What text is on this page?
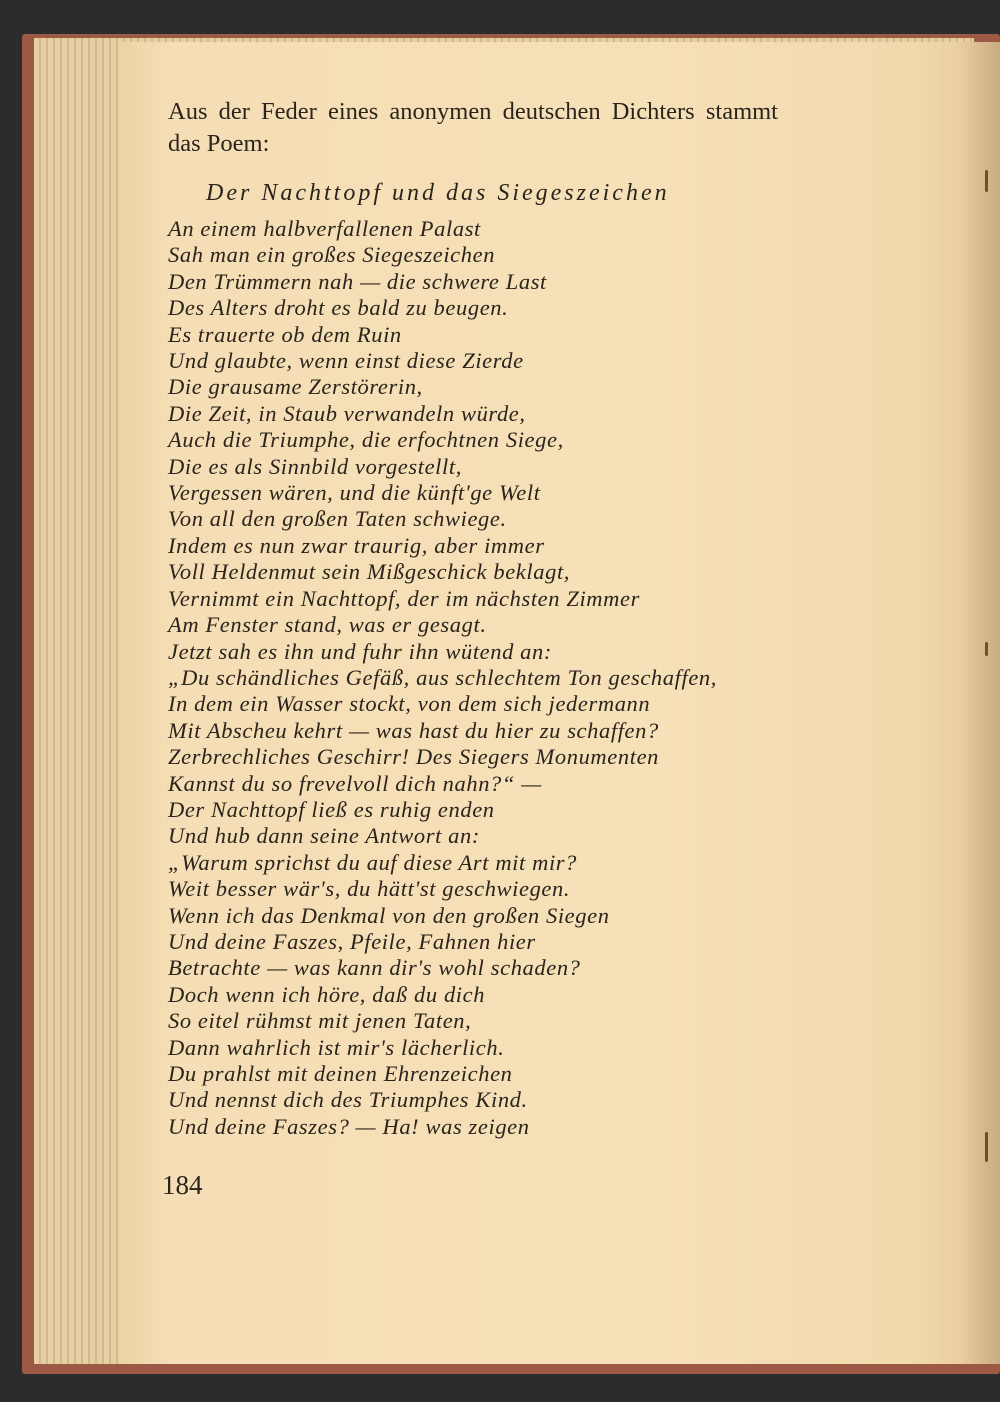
Aus der Feder eines anonymen deutschen Dichters stammt das Poem:
Der Nachttopf und das Siegeszeichen
An einem halbverfallenen Palast
Sah man ein großes Siegeszeichen
Den Trümmern nah — die schwere Last
Des Alters droht es bald zu beugen.
Es trauerte ob dem Ruin
Und glaubte, wenn einst diese Zierde
Die grausame Zerstörerin,
Die Zeit, in Staub verwandeln würde,
Auch die Triumphe, die erfochtnen Siege,
Die es als Sinnbild vorgestellt,
Vergessen wären, und die künft'ge Welt
Von all den großen Taten schwiege.
Indem es nun zwar traurig, aber immer
Voll Heldenmut sein Mißgeschick beklagt,
Vernimmt ein Nachttopf, der im nächsten Zimmer
Am Fenster stand, was er gesagt.
Jetzt sah es ihn und fuhr ihn wütend an:
„Du schändliches Gefäß, aus schlechtem Ton geschaffen,
In dem ein Wasser stockt, von dem sich jedermann
Mit Abscheu kehrt — was hast du hier zu schaffen?
Zerbrechliches Geschirr! Des Siegers Monumenten
Kannst du so frevelvoll dich nahn?“ —
Der Nachttopf ließ es ruhig enden
Und hub dann seine Antwort an:
„Warum sprichst du auf diese Art mit mir?
Weit besser wär's, du hätt'st geschwiegen.
Wenn ich das Denkmal von den großen Siegen
Und deine Faszes, Pfeile, Fahnen hier
Betrachte — was kann dir's wohl schaden?
Doch wenn ich höre, daß du dich
So eitel rühmst mit jenen Taten,
Dann wahrlich ist mir's lächerlich.
Du prahlst mit deinen Ehrenzeichen
Und nennst dich des Triumphes Kind.
Und deine Faszes? — Ha! was zeigen
184
